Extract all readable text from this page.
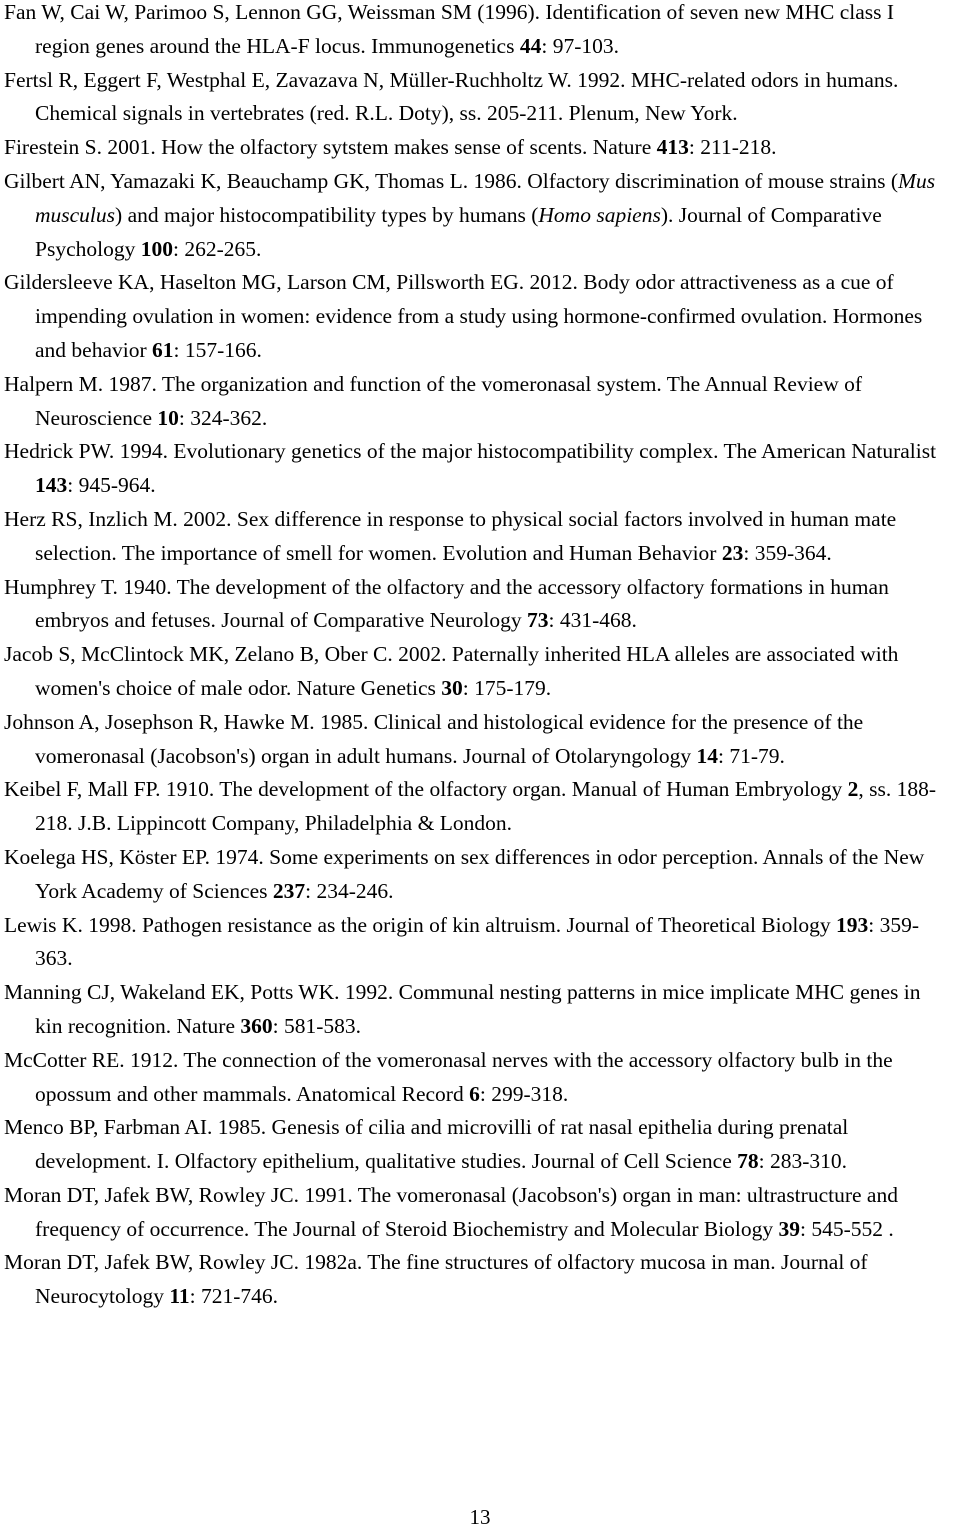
Fan W, Cai W, Parimoo S, Lennon GG, Weissman SM (1996). Identification of seven new MHC class I region genes around the HLA-F locus. Immunogenetics 44: 97-103.
Fertsl R, Eggert F, Westphal E, Zavazava N, Müller-Ruchholtz W. 1992. MHC-related odors in humans. Chemical signals in vertebrates (red. R.L. Doty), ss. 205-211. Plenum, New York.
Firestein S. 2001. How the olfactory sytstem makes sense of scents. Nature 413: 211-218.
Gilbert AN, Yamazaki K, Beauchamp GK, Thomas L. 1986. Olfactory discrimination of mouse strains (Mus musculus) and major histocompatibility types by humans (Homo sapiens). Journal of Comparative Psychology 100: 262-265.
Gildersleeve KA, Haselton MG, Larson CM, Pillsworth EG. 2012. Body odor attractiveness as a cue of impending ovulation in women: evidence from a study using hormone-confirmed ovulation. Hormones and behavior 61: 157-166.
Halpern M. 1987. The organization and function of the vomeronasal system. The Annual Review of Neuroscience 10: 324-362.
Hedrick PW. 1994. Evolutionary genetics of the major histocompatibility complex. The American Naturalist 143: 945-964.
Herz RS, Inzlich M. 2002. Sex difference in response to physical social factors involved in human mate selection. The importance of smell for women. Evolution and Human Behavior 23: 359-364.
Humphrey T. 1940. The development of the olfactory and the accessory olfactory formations in human embryos and fetuses. Journal of Comparative Neurology 73: 431-468.
Jacob S, McClintock MK, Zelano B, Ober C. 2002. Paternally inherited HLA alleles are associated with women's choice of male odor. Nature Genetics 30: 175-179.
Johnson A, Josephson R, Hawke M. 1985. Clinical and histological evidence for the presence of the vomeronasal (Jacobson's) organ in adult humans. Journal of Otolaryngology 14: 71-79.
Keibel F, Mall FP. 1910. The development of the olfactory organ. Manual of Human Embryology 2, ss. 188-218. J.B. Lippincott Company, Philadelphia & London.
Koelega HS, Köster EP. 1974. Some experiments on sex differences in odor perception. Annals of the New York Academy of Sciences 237: 234-246.
Lewis K. 1998. Pathogen resistance as the origin of kin altruism. Journal of Theoretical Biology 193: 359-363.
Manning CJ, Wakeland EK, Potts WK. 1992. Communal nesting patterns in mice implicate MHC genes in kin recognition. Nature 360: 581-583.
McCotter RE. 1912. The connection of the vomeronasal nerves with the accessory olfactory bulb in the opossum and other mammals. Anatomical Record 6: 299-318.
Menco BP, Farbman AI. 1985. Genesis of cilia and microvilli of rat nasal epithelia during prenatal development. I. Olfactory epithelium, qualitative studies. Journal of Cell Science 78: 283-310.
Moran DT, Jafek BW, Rowley JC. 1991. The vomeronasal (Jacobson's) organ in man: ultrastructure and frequency of occurrence. The Journal of Steroid Biochemistry and Molecular Biology 39: 545-552 .
Moran DT, Jafek BW, Rowley JC. 1982a. The fine structures of olfactory mucosa in man. Journal of Neurocytology 11: 721-746.
13
